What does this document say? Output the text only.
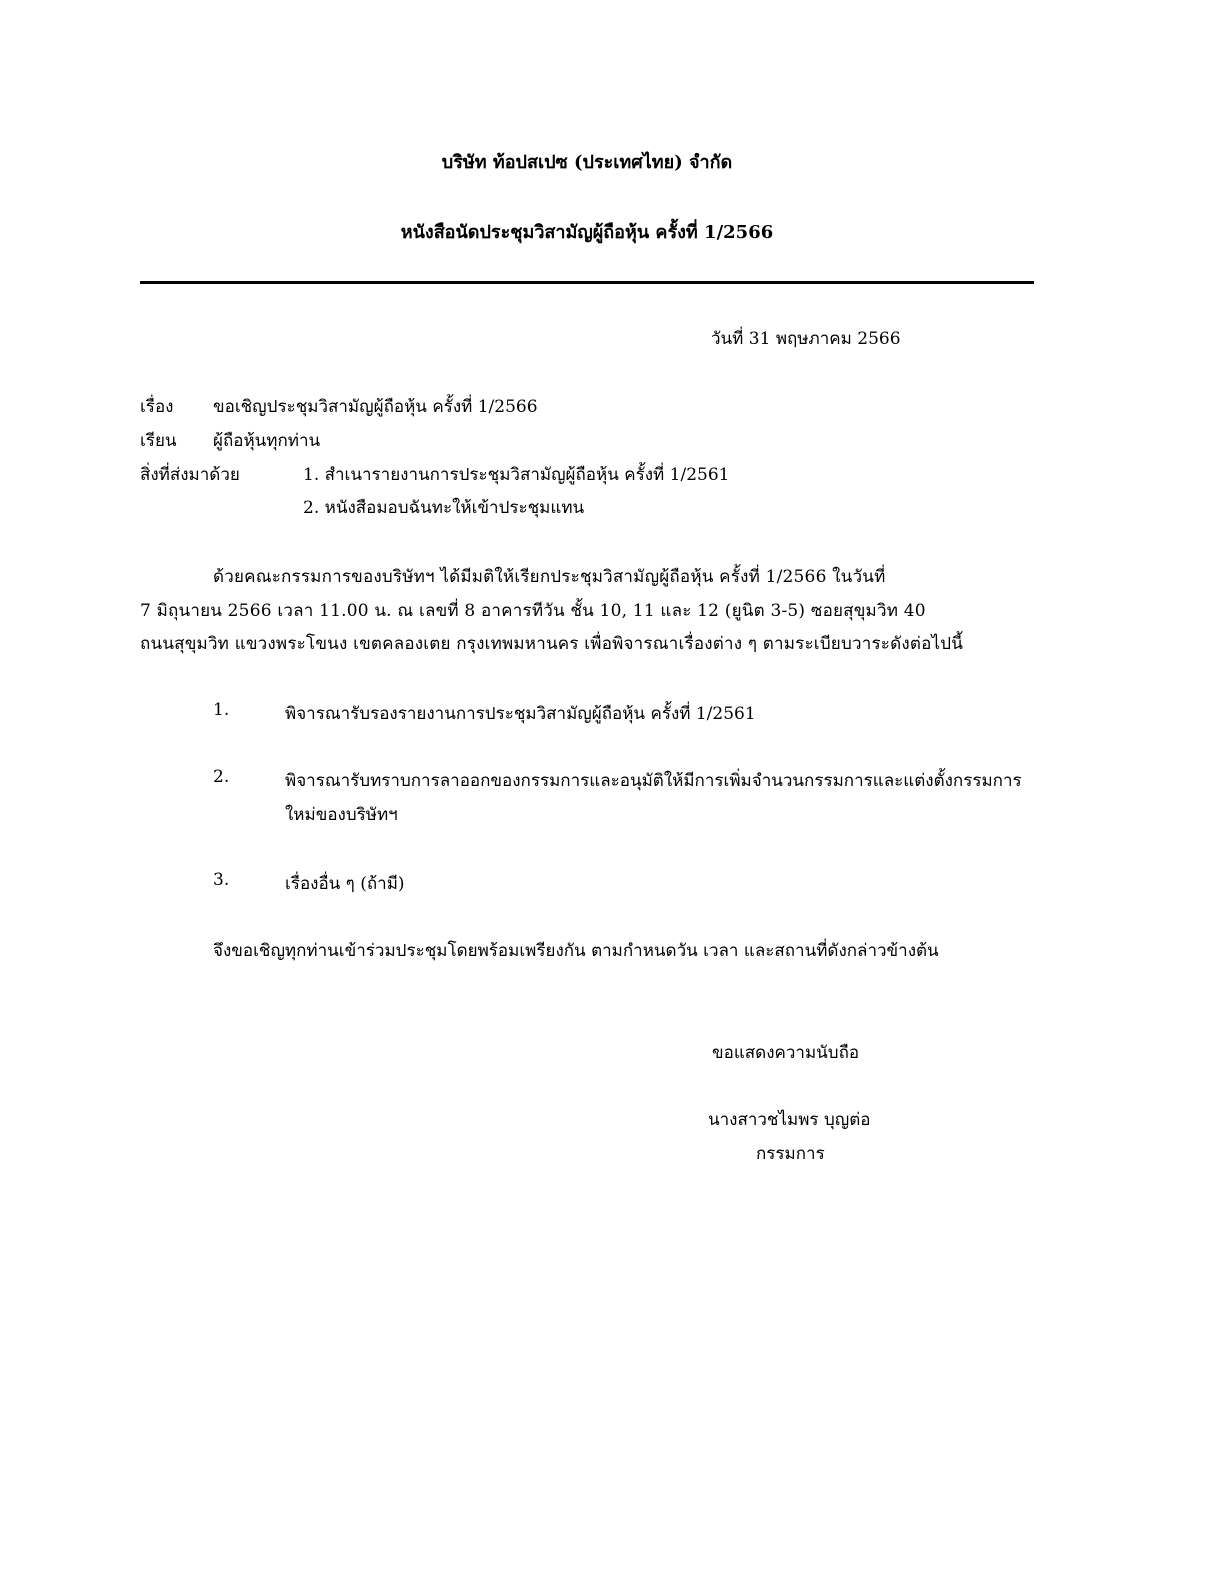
บริษัท ท้อปสเปซ (ประเทศไทย) จำกัด
หนังสือนัดประชุมวิสามัญผู้ถือหุ้น ครั้งที่ 1/2566
วันที่ 31 พฤษภาคม 2566
เรื่อง ขอเชิญประชุมวิสามัญผู้ถือหุ้น ครั้งที่ 1/2566
เรียน ผู้ถือหุ้นทุกท่าน
สิ่งที่ส่งมาด้วย	1. สำเนารายงานการประชุมวิสามัญผู้ถือหุ้น ครั้งที่ 1/2561
2. หนังสือมอบฉันทะให้เข้าประชุมแทน
ด้วยคณะกรรมการของบริษัทฯ ได้มีมติให้เรียกประชุมวิสามัญผู้ถือหุ้น ครั้งที่ 1/2566 ในวันที่
7 มิถุนายน 2566 เวลา 11.00 น. ณ เลขที่ 8 อาคารทีวัน ชั้น 10, 11 และ 12 (ยูนิต 3-5) ซอยสุขุมวิท 40
ถนนสุขุมวิท แขวงพระโขนง เขตคลองเตย กรุงเทพมหานคร เพื่อพิจารณาเรื่องต่าง ๆ ตามระเบียบวาระดังต่อไปนี้
1.	พิจารณารับรองรายงานการประชุมวิสามัญผู้ถือหุ้น ครั้งที่ 1/2561
2.	พิจารณารับทราบการลาออกของกรรมการและอนุมัติให้มีการเพิ่มจำนวนกรรมการและแต่งตั้งกรรมการ
ใหม่ของบริษัทฯ
3.	เรื่องอื่น ๆ (ถ้ามี)
จึงขอเชิญทุกท่านเข้าร่วมประชุมโดยพร้อมเพรียงกัน ตามกำหนดวัน เวลา และสถานที่ดังกล่าวข้างต้น
ขอแสดงความนับถือ
นางสาวชไมพร บุญต่อ
กรรมการ
